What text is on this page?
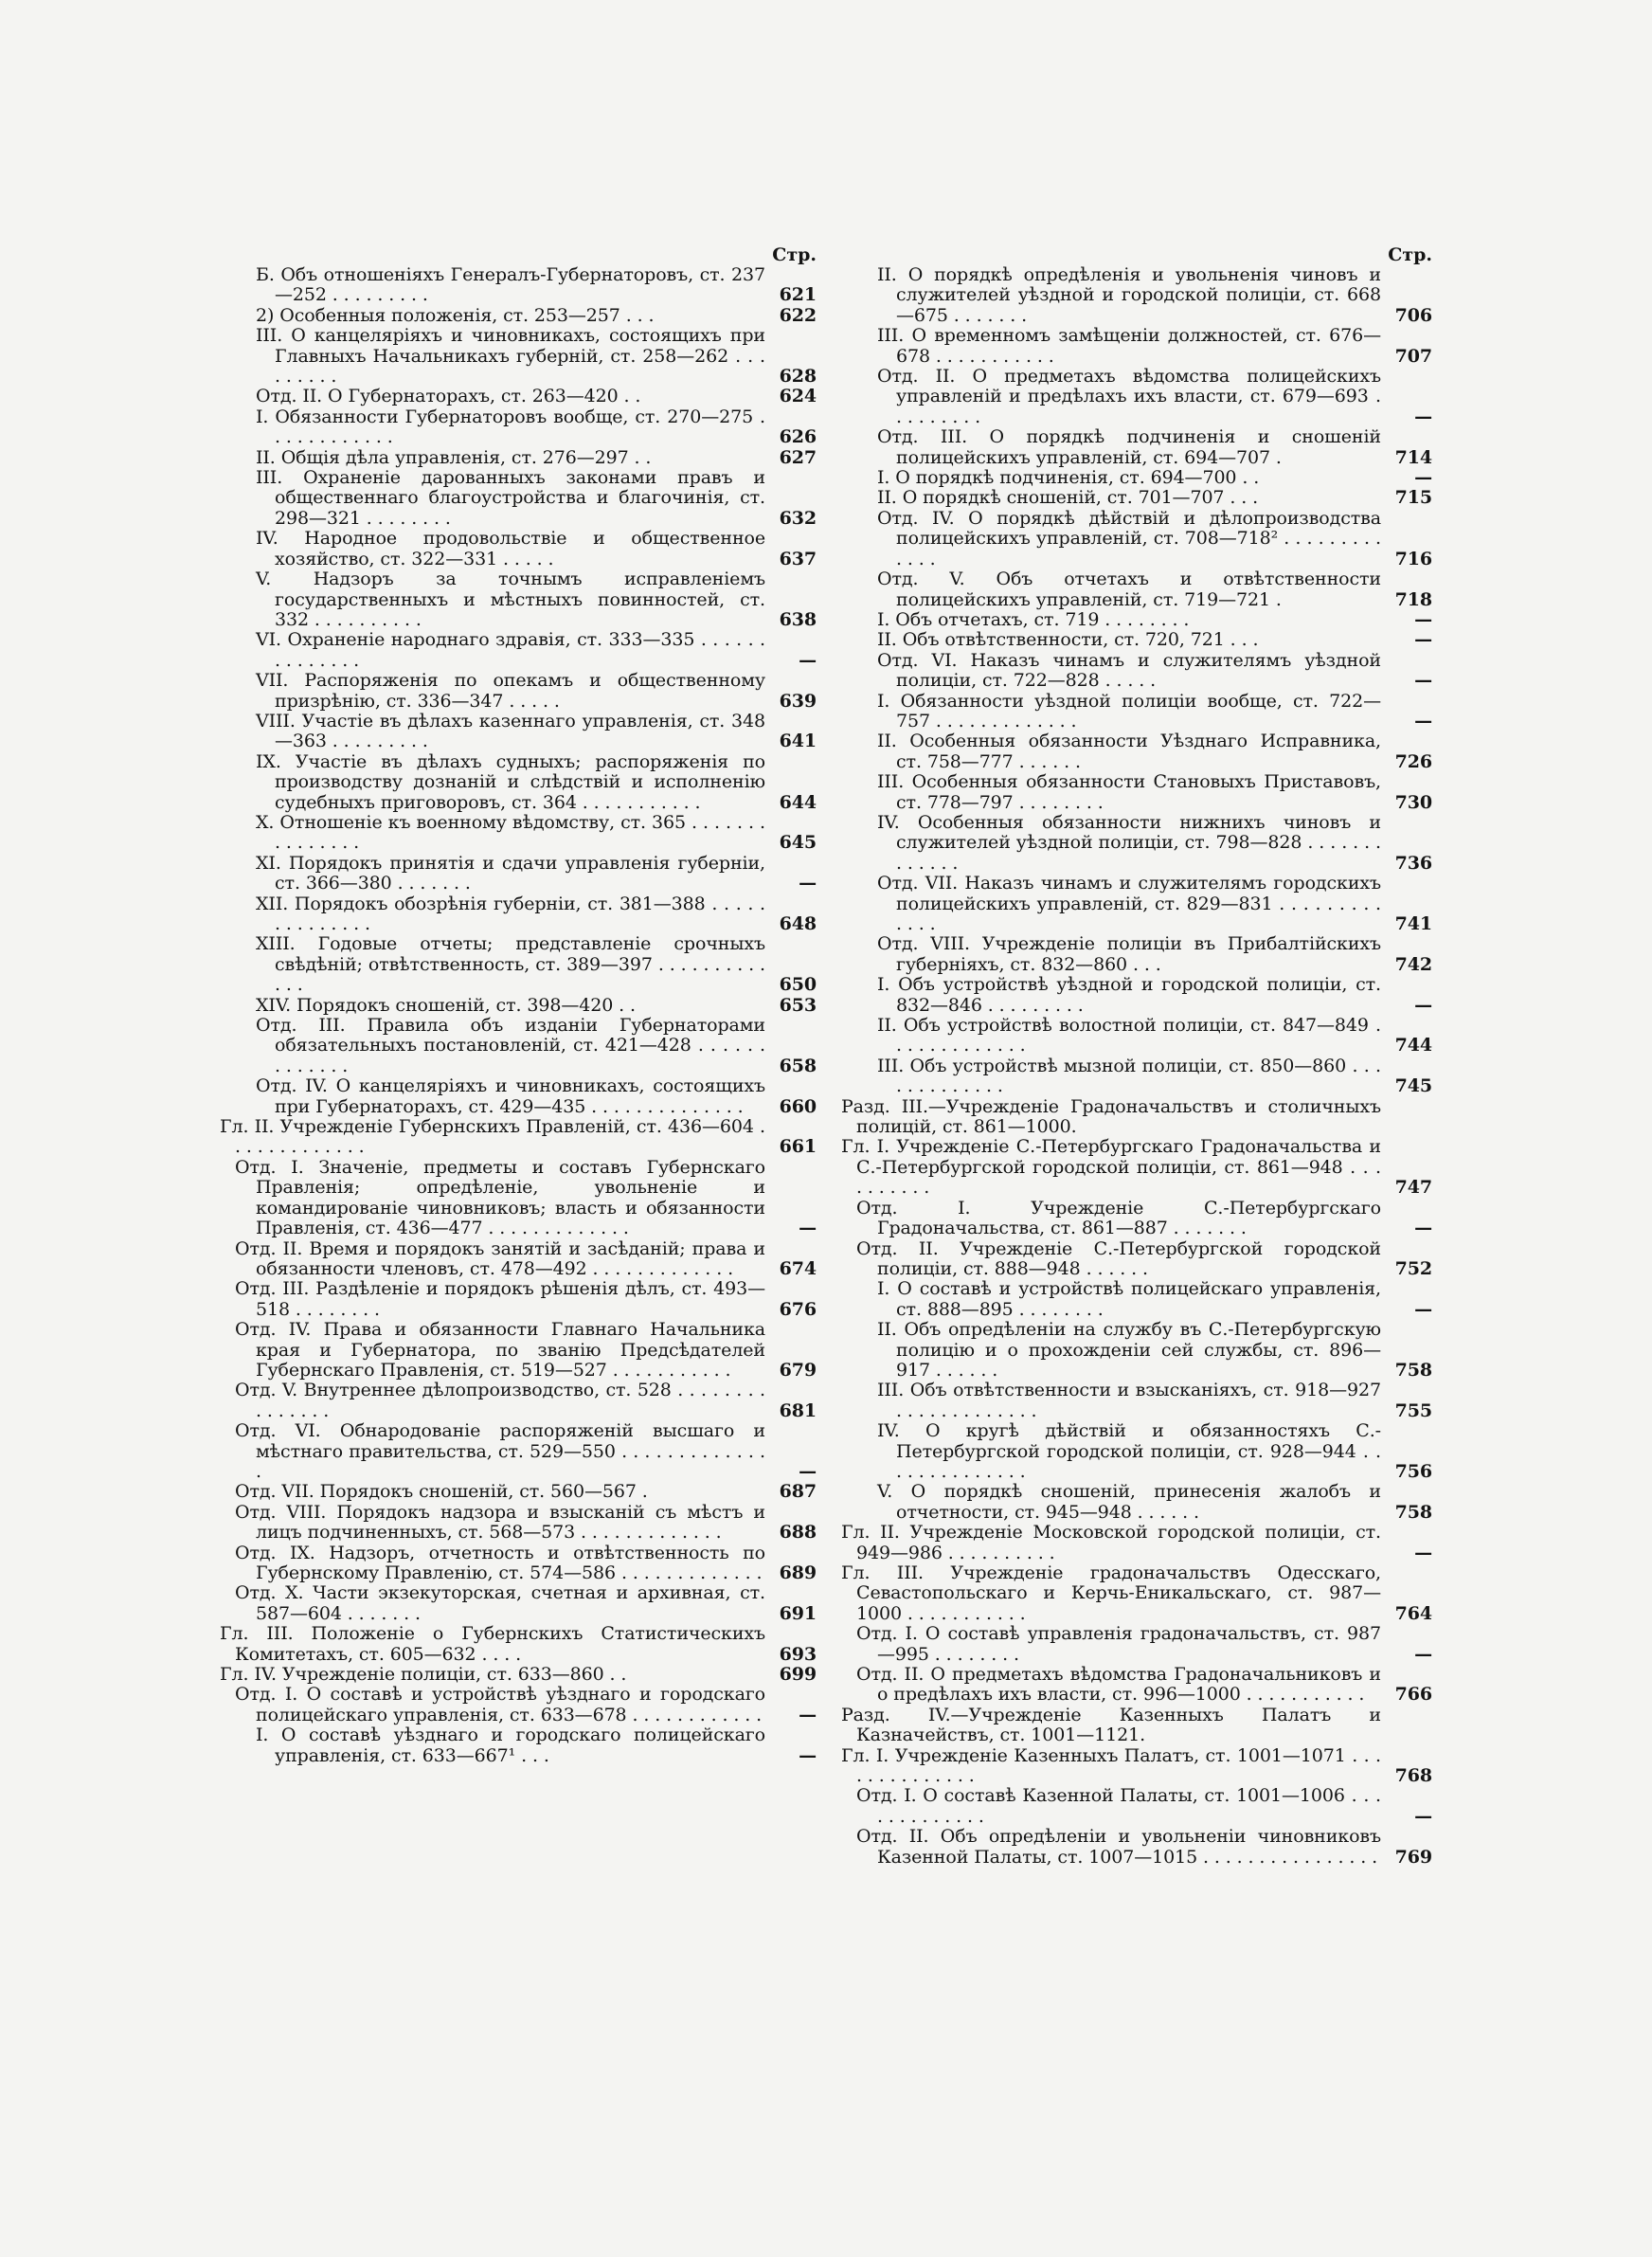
Стр.
Б. Объ отношеніяхъ Генералъ-Губернаторовъ, ст. 237—252 . . . . . . . . .	621
2) Особенныя положенія, ст. 253—257 . . .	622
III. О канцеляріяхъ и чиновникахъ, состоящихъ при Главныхъ Начальникахъ губерній, ст. 258—262 . . . . . . . . .	628
Отд. II. О Губернаторахъ, ст. 263—420 . .	624
I. Обязанности Губернаторовъ вообще, ст. 270—275 . . . . . . . . . . . .	626
II. Общія дѣла управленія, ст. 276—297 . .	627
III. Охраненіе дарованныхъ законами правъ и общественнаго благоустройства и благочинія, ст. 298—321 . . . . . . . .	632
IV. Народное продовольствіе и общественное хозяйство, ст. 322—331 . . . . .	637
V. Надзоръ за точнымъ исправленіемъ государственныхъ и мѣстныхъ повинностей, ст. 332 . . . . . . . . . .	638
VI. Охраненіе народнаго здравія, ст. 333—335 . . . . . . . . . . . . . .	—
VII. Распоряженія по опекамъ и общественному призрѣнію, ст. 336—347 . . . . .	639
VIII. Участіе въ дѣлахъ казеннаго управленія, ст. 348—363 . . . . . . . . .	641
IX. Участіе въ дѣлахъ судныхъ; распоряженія по производству дознаній и слѣдствій и исполненію судебныхъ приговоровъ, ст. 364 . . . . . . . . . . .	644
X. Отношеніе къ военному вѣдомству, ст. 365 . . . . . . . . . . . . . . .	645
XI. Порядокъ принятія и сдачи управленія губерніи, ст. 366—380 . . . . . . .	—
XII. Порядокъ обозрѣнія губерніи, ст. 381—388 . . . . . . . . . . . . . .	648
XIII. Годовые отчеты; представленіе срочныхъ свѣдѣній; отвѣтственность, ст. 389—397 . . . . . . . . . . . . .	650
XIV. Порядокъ сношеній, ст. 398—420 . .	653
Отд. III. Правила объ изданіи Губернаторами обязательныхъ постановленій, ст. 421—428 . . . . . . . . . . . . .	658
Отд. IV. О канцеляріяхъ и чиновникахъ, состоящихъ при Губернаторахъ, ст. 429—435 . . . . . . . . . . . . . .	660
Гл. II. Учрежденіе Губернскихъ Правленій, ст. 436—604 . . . . . . . . . . . . .	661
Отд. I. Значеніе, предметы и составъ Губернскаго Правленія; опредѣленіе, увольненіе и командированіе чиновниковъ; власть и обязанности Правленія, ст. 436—477 . . . . . . . . . . . . .	—
Отд. II. Время и порядокъ занятій и засѣданій; права и обязанности членовъ, ст. 478—492 . . . . . . . . . . . . .	674
Отд. III. Раздѣленіе и порядокъ рѣшенія дѣлъ, ст. 493—518 . . . . . . . .	676
Отд. IV. Права и обязанности Главнаго Начальника края и Губернатора, по званію Предсѣдателей Губернскаго Правленія, ст. 519—527 . . . . . . . . . . .	679
Отд. V. Внутреннее дѣлопроизводство, ст. 528 . . . . . . . . . . . . . . .	681
Отд. VI. Обнародованіе распоряженій высшаго и мѣстнаго правительства, ст. 529—550 . . . . . . . . . . . . . .	—
Отд. VII. Порядокъ сношеній, ст. 560—567 .	687
Отд. VIII. Порядокъ надзора и взысканій съ мѣстъ и лицъ подчиненныхъ, ст. 568—573 . . . . . . . . . . . . .	688
Отд. IX. Надзоръ, отчетность и отвѣтственность по Губернскому Правленію, ст. 574—586 . . . . . . . . . . . . . 689
Отд. X. Части экзекуторская, счетная и архивная, ст. 587—604 . . . . . . .	691
Гл. III. Положеніе о Губернскихъ Статистическихъ Комитетахъ, ст. 605—632 . . . .	693
Гл. IV. Учрежденіе полиціи, ст. 633—860 . .	699
Отд. I. О составѣ и устройствѣ уѣзднаго и городскаго полицейскаго управленія, ст. 633—678 . . . . . . . . . . . .	—
I. О составѣ уѣзднаго и городскаго полицейскаго управленія, ст. 633—667¹ . . .	—
Стр.
II. О порядкѣ опредѣленія и увольненія чиновъ и служителей уѣздной и городской полиціи, ст. 668—675 . . . . . . .	706
III. О временномъ замѣщеніи должностей, ст. 676—678 . . . . . . . . . . .	707
Отд. II. О предметахъ вѣдомства полицейскихъ управленій и предѣлахъ ихъ власти, ст. 679—693 . . . . . . . . .	—
Отд. III. О порядкѣ подчиненія и сношеній полицейскихъ управленій, ст. 694—707 .	714
I. О порядкѣ подчиненія, ст. 694—700 . .	—
II. О порядкѣ сношеній, ст. 701—707 . . .	715
Отд. IV. О порядкѣ дѣйствій и дѣлопроизводства полицейскихъ управленій, ст. 708—718² . . . . . . . . . . . . .	716
Отд. V. Объ отчетахъ и отвѣтственности полицейскихъ управленій, ст. 719—721 .	718
I. Объ отчетахъ, ст. 719 . . . . . . . .	—
II. Объ отвѣтственности, ст. 720, 721 . . .	—
Отд. VI. Наказъ чинамъ и служителямъ уѣздной полиціи, ст. 722—828 . . . . .	—
I. Обязанности уѣздной полиціи вообще, ст. 722—757 . . . . . . . . . . . . .	—
II. Особенныя обязанности Уѣзднаго Исправника, ст. 758—777 . . . . . .	726
III. Особенныя обязанности Становыхъ Приставовъ, ст. 778—797 . . . . . . . .	730
IV. Особенныя обязанности нижнихъ чиновъ и служителей уѣздной полиціи, ст. 798—828 . . . . . . . . . . . . .	736
Отд. VII. Наказъ чинамъ и служителямъ городскихъ полицейскихъ управленій, ст. 829—831 . . . . . . . . . . . . .	741
Отд. VIII. Учрежденіе полиціи въ Прибалтійскихъ губерніяхъ, ст. 832—860 . . .	742
I. Объ устройствѣ уѣздной и городской полиціи, ст. 832—846 . . . . . . . . .	—
II. Объ устройствѣ волостной полиціи, ст. 847—849 . . . . . . . . . . . . .	744
III. Объ устройствѣ мызной полиціи, ст. 850—860 . . . . . . . . . . . . .	745
Разд. III.—Учрежденіе Градоначальствъ и столичныхъ полицій, ст. 861—1000.
Гл. I. Учрежденіе С.-Петербургскаго Градоначальства и С.-Петербургской городской полиціи, ст. 861—948 . . . . . . . . . .	747
Отд. I. Учрежденіе С.-Петербургскаго Градоначальства, ст. 861—887 . . . . . . .	—
Отд. II. Учрежденіе С.-Петербургской городской полиціи, ст. 888—948 . . . . . .	752
I. О составѣ и устройствѣ полицейскаго управленія, ст. 888—895 . . . . . . . .	—
II. Объ опредѣленіи на службу въ С.-Петербургскую полицію и о прохожденіи сей службы, ст. 896—917 . . . . . .	758
III. Объ отвѣтственности и взысканіяхъ, ст. 918—927 . . . . . . . . . . . . .	755
IV. О кругѣ дѣйствій и обязанностяхъ С.-Петербургской городской полиціи, ст. 928—944 . . . . . . . . . . . . . .	756
V. О порядкѣ сношеній, принесенія жалобъ и отчетности, ст. 945—948 . . . . . .	758
Гл. II. Учрежденіе Московской городской полиціи, ст. 949—986 . . . . . . . . . .	—
Гл. III. Учрежденіе градоначальствъ Одесскаго, Севастопольскаго и Керчь-Еникальскаго, ст. 987—1000 . . . . . . . . . . .	764
Отд. I. О составѣ управленія градоначальствъ, ст. 987—995 . . . . . . . .	—
Отд. II. О предметахъ вѣдомства Градоначальниковъ и о предѣлахъ ихъ власти, ст. 996—1000 . . . . . . . . . . .	766
Разд. IV.—Учрежденіе Казенныхъ Палатъ и Казначействъ, ст. 1001—1121.
Гл. I. Учрежденіе Казенныхъ Палатъ, ст. 1001—1071 . . . . . . . . . . . . . .	768
Отд. I. О составѣ Казенной Палаты, ст. 1001—1006 . . . . . . . . . . . . .	—
Отд. II. Объ опредѣленіи и увольненіи чиновниковъ Казенной Палаты, ст. 1007—1015 . . . . . . . . . . . . . . . . 769
